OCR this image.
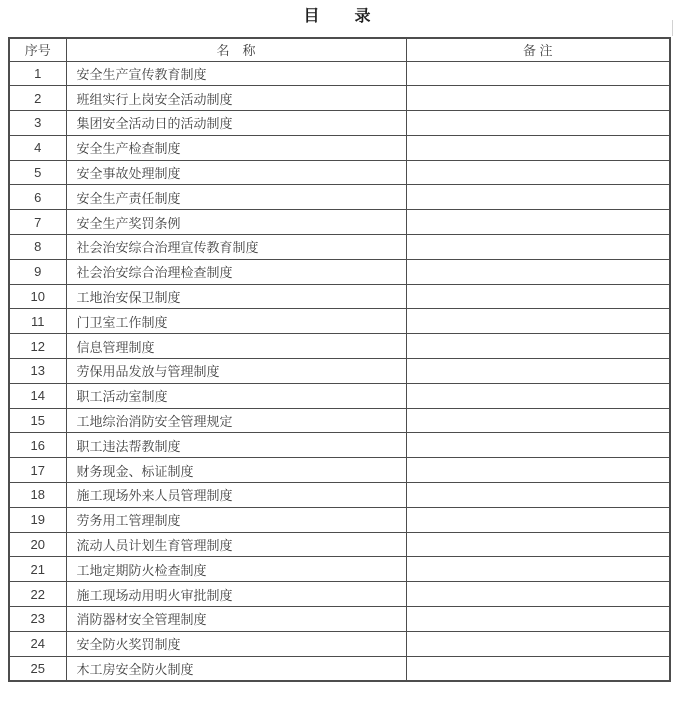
目　　录
序号	名　称	备 注
1	安全生产宣传教育制度	
2	班组实行上岗安全活动制度	
3	集团安全活动日的活动制度	
4	安全生产检查制度	
5	安全事故处理制度	
6	安全生产责任制度	
7	安全生产奖罚条例	
8	社会治安综合治理宣传教育制度	
9	社会治安综合治理检查制度	
10	工地治安保卫制度	
11	门卫室工作制度	
12	信息管理制度	
13	劳保用品发放与管理制度	
14	职工活动室制度	
15	工地综治消防安全管理规定	
16	职工违法帮教制度	
17	财务现金、标证制度	
18	施工现场外来人员管理制度	
19	劳务用工管理制度	
20	流动人员计划生育管理制度	
21	工地定期防火检查制度	
22	施工现场动用明火审批制度	
23	消防器材安全管理制度	
24	安全防火奖罚制度	
25	木工房安全防火制度	
